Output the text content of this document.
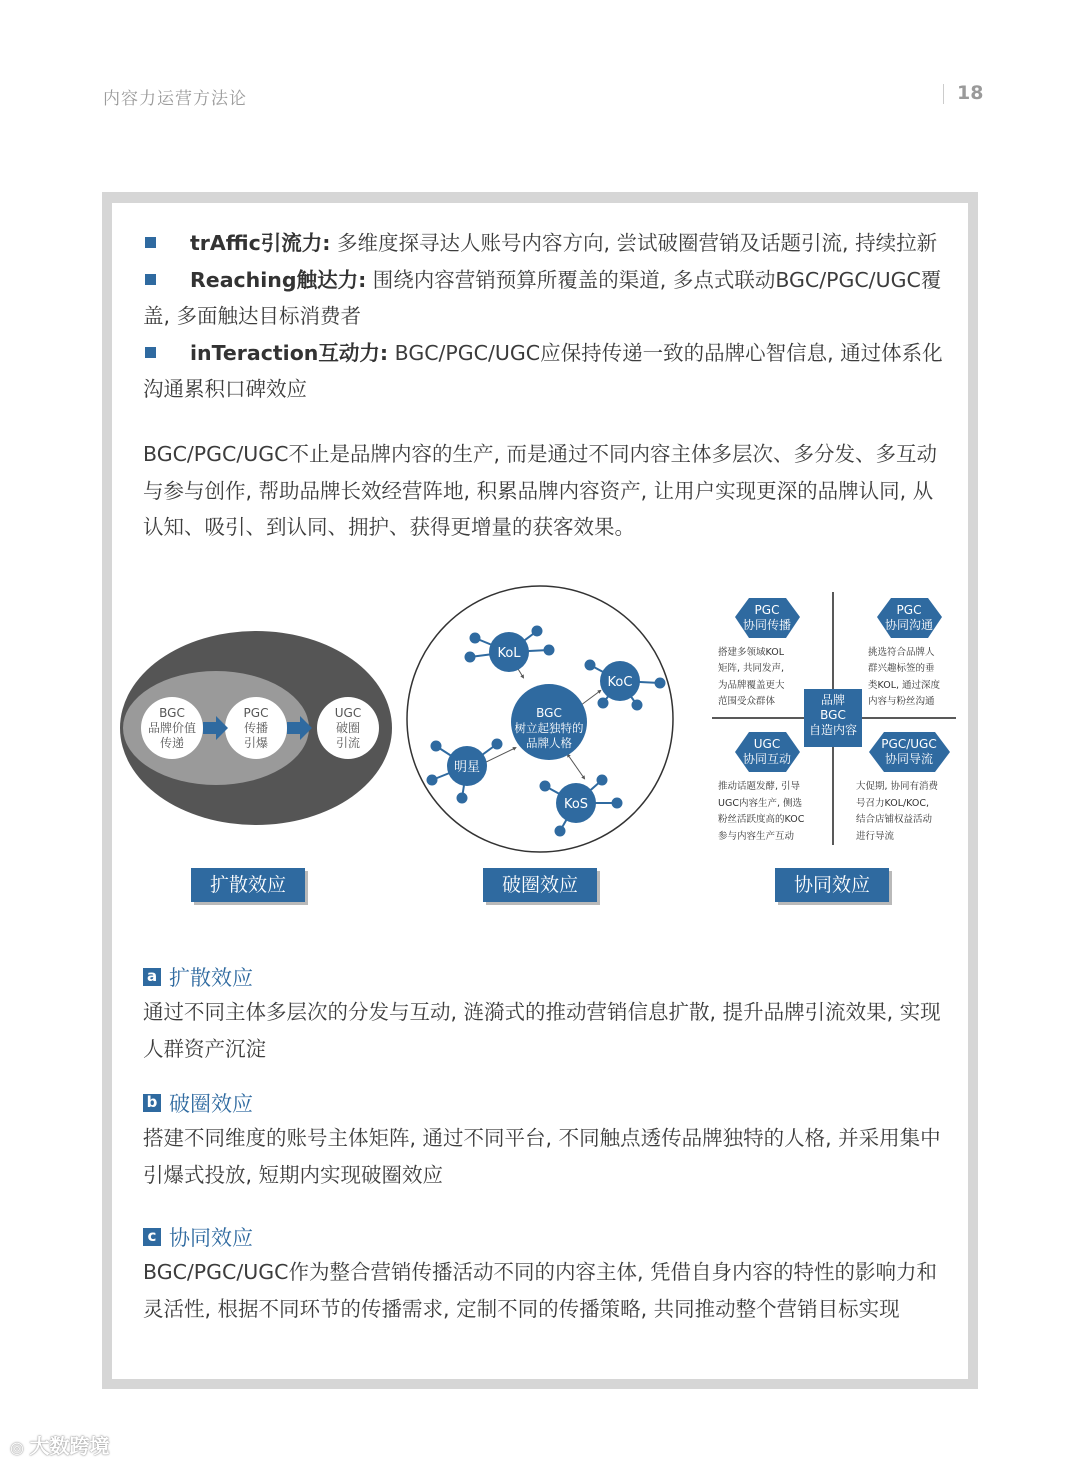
内容力运营方法论	18
trAffic引流力: 多维度探寻达人账号内容方向, 尝试破圈营销及话题引流, 持续拉新
Reaching触达力: 围绕内容营销预算所覆盖的渠道, 多点式联动BGC/PGC/UGC覆盖, 多面触达目标消费者
inTeraction互动力: BGC/PGC/UGC应保持传递一致的品牌心智信息, 通过体系化沟通累积口碑效应
BGC/PGC/UGC不止是品牌内容的生产, 而是通过不同内容主体多层次、多分发、多互动与参与创作, 帮助品牌长效经营阵地, 积累品牌内容资产, 让用户实现更深的品牌认同, 从认知、吸引、到认同、拥护、获得更增量的获客效果。
BGC
品牌价值
传递
PGC
传播
引爆
UGC
破圈
引流
KoL
KoC
明星
KoS
BGC
树立起独特的
品牌人格
PGC
协同传播
PGC
协同沟通
UGC
协同互动
PGC/UGC
协同导流
品牌
BGC
自造内容
搭建多领域KOL
矩阵, 共同发声,
为品牌覆盖更大
范围受众群体
挑选符合品牌人
群兴趣标签的垂
类KOL, 通过深度
内容与粉丝沟通
推动话题发酵, 引导
UGC内容生产, 侧选
粉丝活跃度高的KOC
参与内容生产互动
大促期, 协同有消费
号召力KOL/KOC,
结合店铺权益活动
进行导流
扩散效应	破圈效应	协同效应
a 扩散效应
通过不同主体多层次的分发与互动, 涟漪式的推动营销信息扩散, 提升品牌引流效果, 实现人群资产沉淀
b 破圈效应
搭建不同维度的账号主体矩阵, 通过不同平台, 不同触点透传品牌独特的人格, 并采用集中引爆式投放, 短期内实现破圈效应
c 协同效应
BGC/PGC/UGC作为整合营销传播活动不同的内容主体, 凭借自身内容的特性的影响力和灵活性, 根据不同环节的传播需求, 定制不同的传播策略, 共同推动整个营销目标实现
◎ 大数跨境
